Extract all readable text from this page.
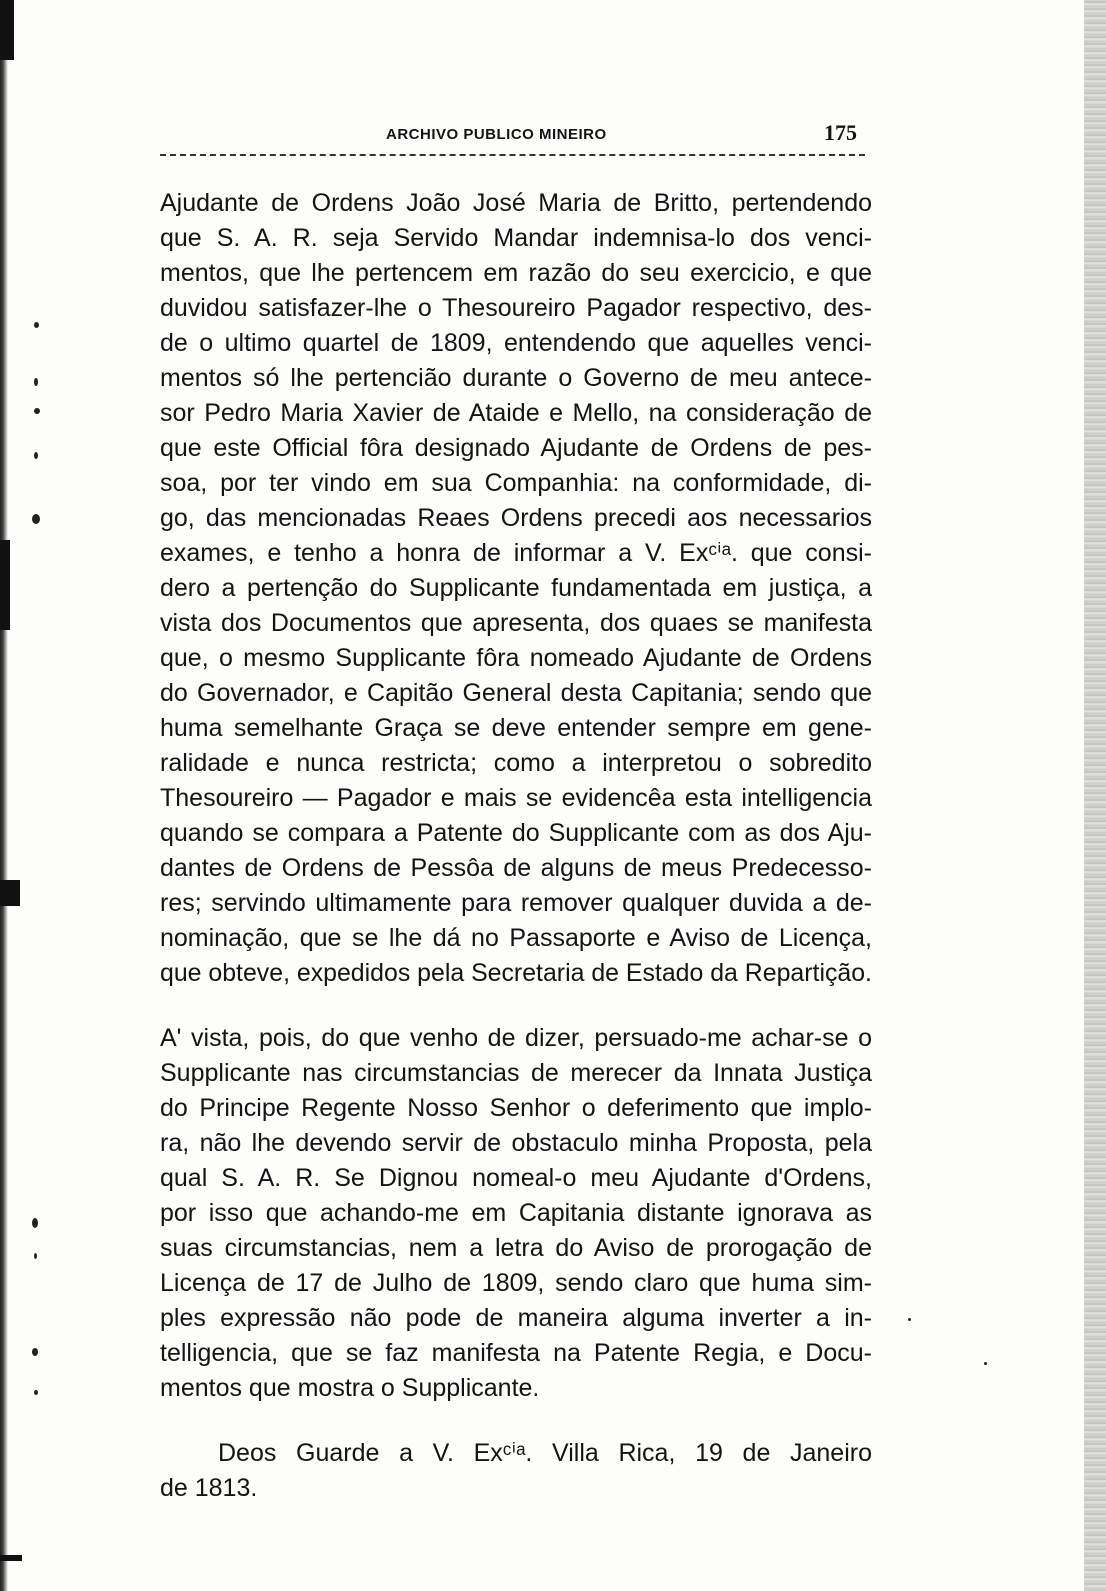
ARCHIVO PUBLICO MINEIRO	175
Ajudante de Ordens João José Maria de Britto, pertendendo
que S. A. R. seja Servido Mandar indemnisa-lo dos venci-
mentos, que lhe pertencem em razão do seu exercicio, e que
duvidou satisfazer-lhe o Thesoureiro Pagador respectivo, des-
de o ultimo quartel de 1809, entendendo que aquelles venci-
mentos só lhe pertencião durante o Governo de meu antece-
sor Pedro Maria Xavier de Ataide e Mello, na consideração de
que este Official fôra designado Ajudante de Ordens de pes-
soa, por ter vindo em sua Companhia: na conformidade, di-
go, das mencionadas Reaes Ordens precedi aos necessarios
exames, e tenho a honra de informar a V. Exᶜⁱᵃ. que consi-
dero a pertenção do Supplicante fundamentada em justiça, a
vista dos Documentos que apresenta, dos quaes se manifesta
que, o mesmo Supplicante fôra nomeado Ajudante de Ordens
do Governador, e Capitão General desta Capitania; sendo que
huma semelhante Graça se deve entender sempre em gene-
ralidade e nunca restricta; como a interpretou o sobredito
Thesoureiro — Pagador e mais se evidencêa esta intelligencia
quando se compara a Patente do Supplicante com as dos Aju-
dantes de Ordens de Pessôa de alguns de meus Predecesso-
res; servindo ultimamente para remover qualquer duvida a de-
nominação, que se lhe dá no Passaporte e Aviso de Licença,
que obteve, expedidos pela Secretaria de Estado da Repartição.
A' vista, pois, do que venho de dizer, persuado-me achar-se o
Supplicante nas circumstancias de merecer da Innata Justiça
do Principe Regente Nosso Senhor o deferimento que implo-
ra, não lhe devendo servir de obstaculo minha Proposta, pela
qual S. A. R. Se Dignou nomeal-o meu Ajudante d'Ordens,
por isso que achando-me em Capitania distante ignorava as
suas circumstancias, nem a letra do Aviso de prorogação de
Licença de 17 de Julho de 1809, sendo claro que huma sim-
ples expressão não pode de maneira alguma inverter a in-
telligencia, que se faz manifesta na Patente Regia, e Docu-
mentos que mostra o Supplicante.
Deos Guarde a V. Exᶜⁱᵃ. Villa Rica, 19 de Janeiro
de 1813.
